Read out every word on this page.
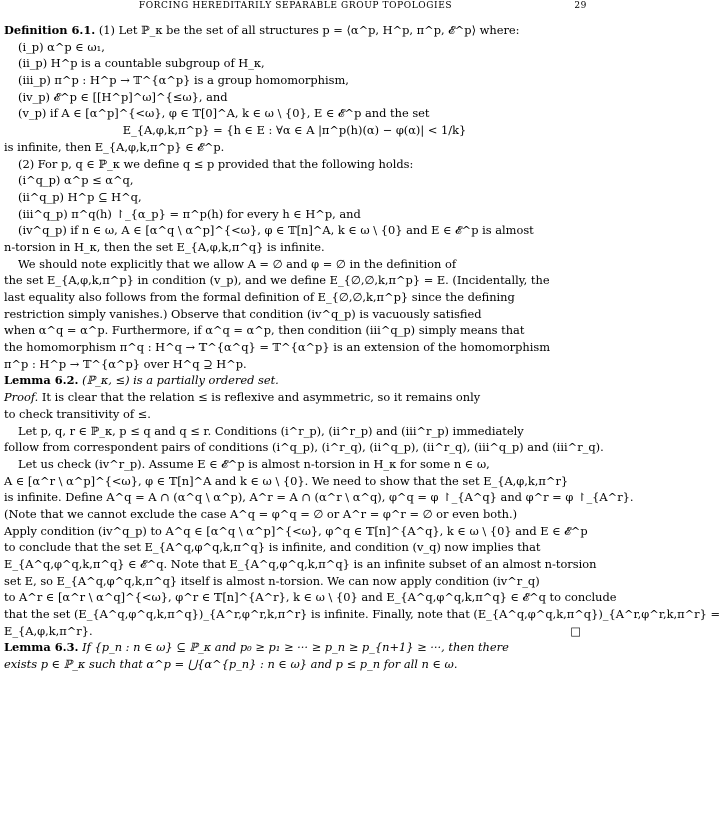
FORCING HEREDITARILY SEPARABLE GROUP TOPOLOGIES	29
Definition 6.1. (1) Let ℙ_κ be the set of all structures p = ⟨α^p, H^p, π^p, 𝓔^p⟩ where:
(i_p) α^p ∈ ω₁,
(ii_p) H^p is a countable subgroup of H_κ,
(iii_p) π^p : H^p → 𝕋^{α^p} is a group homomorphism,
(iv_p) 𝓔^p ∈ [[H^p]^ω]^{≤ω}, and
(v_p) if A ∈ [α^p]^{<ω}, φ ∈ 𝕋[0]^A, k ∈ ω \ {0}, E ∈ 𝓔^p and the set
E_{A,φ,k,π^p} = {h ∈ E : ∀α ∈ A |π^p(h)(α) − φ(α)| < 1/k}
is infinite, then E_{A,φ,k,π^p} ∈ 𝓔^p.
(2) For p, q ∈ ℙ_κ we define q ≤ p provided that the following holds:
(i^q_p) α^p ≤ α^q,
(ii^q_p) H^p ⊆ H^q,
(iii^q_p) π^q(h) ↾_{α_p} = π^p(h) for every h ∈ H^p, and
(iv^q_p) if n ∈ ω, A ∈ [α^q \ α^p]^{<ω}, φ ∈ 𝕋[n]^A, k ∈ ω \ {0} and E ∈ 𝓔^p is almost
n-torsion in H_κ, then the set E_{A,φ,k,π^q} is infinite.
We should note explicitly that we allow A = ∅ and φ = ∅ in the definition of
the set E_{A,φ,k,π^p} in condition (v_p), and we define E_{∅,∅,k,π^p} = E. (Incidentally, the
last equality also follows from the formal definition of E_{∅,∅,k,π^p} since the defining
restriction simply vanishes.) Observe that condition (iv^q_p) is vacuously satisfied
when α^q = α^p. Furthermore, if α^q = α^p, then condition (iii^q_p) simply means that
the homomorphism π^q : H^q → 𝕋^{α^q} = 𝕋^{α^p} is an extension of the homomorphism
π^p : H^p → 𝕋^{α^p} over H^q ⊇ H^p.
Lemma 6.2. (ℙ_κ, ≤) is a partially ordered set.
Proof. It is clear that the relation ≤ is reflexive and asymmetric, so it remains only
to check transitivity of ≤.
Let p, q, r ∈ ℙ_κ, p ≤ q and q ≤ r. Conditions (i^r_p), (ii^r_p) and (iii^r_p) immediately
follow from correspondent pairs of conditions (i^q_p), (i^r_q), (ii^q_p), (ii^r_q), (iii^q_p) and (iii^r_q).
Let us check (iv^r_p). Assume E ∈ 𝓔^p is almost n-torsion in H_κ for some n ∈ ω,
A ∈ [α^r \ α^p]^{<ω}, φ ∈ 𝕋[n]^A and k ∈ ω \ {0}. We need to show that the set E_{A,φ,k,π^r}
is infinite. Define A^q = A ∩ (α^q \ α^p), A^r = A ∩ (α^r \ α^q), φ^q = φ ↾_{A^q} and φ^r = φ ↾_{A^r}.
(Note that we cannot exclude the case A^q = φ^q = ∅ or A^r = φ^r = ∅ or even both.)
Apply condition (iv^q_p) to A^q ∈ [α^q \ α^p]^{<ω}, φ^q ∈ 𝕋[n]^{A^q}, k ∈ ω \ {0} and E ∈ 𝓔^p
to conclude that the set E_{A^q,φ^q,k,π^q} is infinite, and condition (v_q) now implies that
E_{A^q,φ^q,k,π^q} ∈ 𝓔^q. Note that E_{A^q,φ^q,k,π^q} is an infinite subset of an almost n-torsion
set E, so E_{A^q,φ^q,k,π^q} itself is almost n-torsion. We can now apply condition (iv^r_q)
to A^r ∈ [α^r \ α^q]^{<ω}, φ^r ∈ 𝕋[n]^{A^r}, k ∈ ω \ {0} and E_{A^q,φ^q,k,π^q} ∈ 𝓔^q to conclude
that the set (E_{A^q,φ^q,k,π^q})_{A^r,φ^r,k,π^r} is infinite. Finally, note that (E_{A^q,φ^q,k,π^q})_{A^r,φ^r,k,π^r} =
E_{A,φ,k,π^r}.	□
Lemma 6.3. If {p_n : n ∈ ω} ⊆ ℙ_κ and p₀ ≥ p₁ ≥ ··· ≥ p_n ≥ p_{n+1} ≥ ···, then there
exists p ∈ ℙ_κ such that α^p = ⋃{α^{p_n} : n ∈ ω} and p ≤ p_n for all n ∈ ω.
